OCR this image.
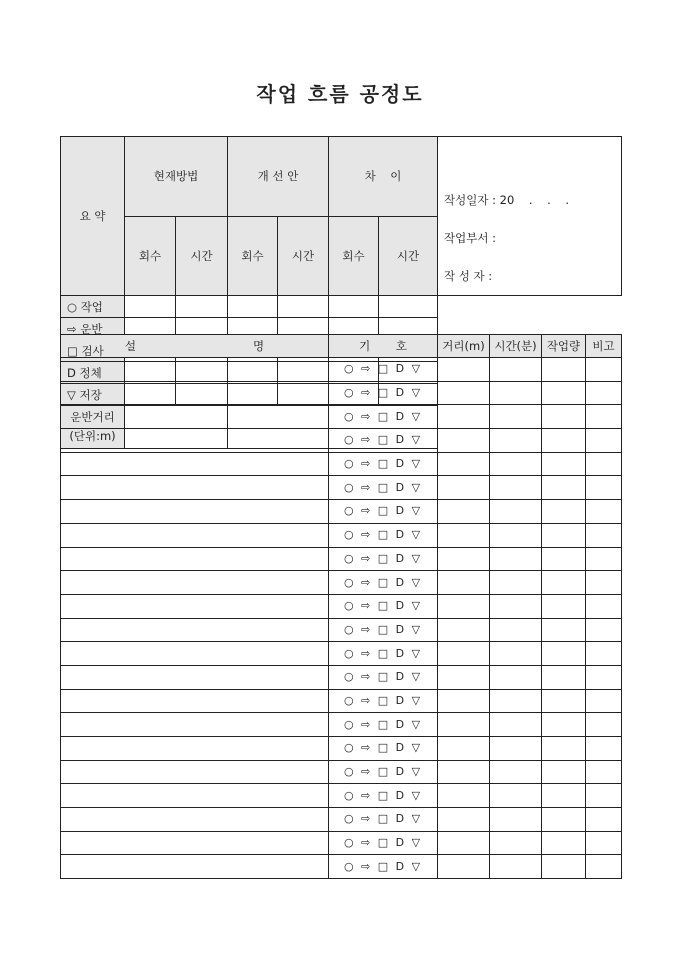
작업 흐름 공정도
요 약	현재방법		개 선 안		차    이		작성일자 : 20    .    .    .
작업부서 :
작 성 자 :

	회수	시간	회수	시간	회수	시간	
○ 작업							
⇨ 운반							
□ 검사							
D 정체							
▽ 저장							

운반거리
(단위:m)							

설                                명	기       호	거리(m)	시간(분)	작업량	비고
	○ ⇨ □ D ▽				
	○ ⇨ □ D ▽				
	○ ⇨ □ D ▽				
	○ ⇨ □ D ▽				
	○ ⇨ □ D ▽				
	○ ⇨ □ D ▽				
	○ ⇨ □ D ▽				
	○ ⇨ □ D ▽				
	○ ⇨ □ D ▽				
	○ ⇨ □ D ▽				
	○ ⇨ □ D ▽				
	○ ⇨ □ D ▽				
	○ ⇨ □ D ▽				
	○ ⇨ □ D ▽				
	○ ⇨ □ D ▽				
	○ ⇨ □ D ▽				
	○ ⇨ □ D ▽				
	○ ⇨ □ D ▽				
	○ ⇨ □ D ▽				
	○ ⇨ □ D ▽				
	○ ⇨ □ D ▽				
	○ ⇨ □ D ▽				
